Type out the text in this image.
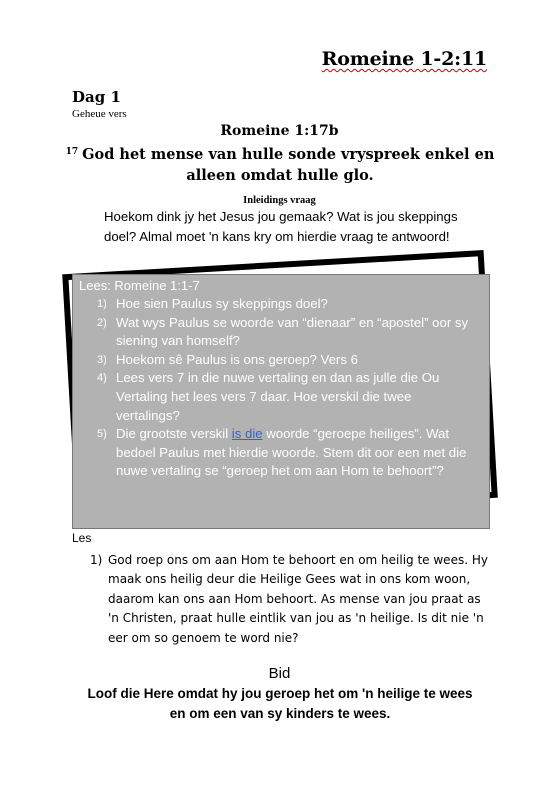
Romeine 1-2:11
Dag 1
Geheue vers
Romeine 1:17b
$^{17}$ God het mense van hulle sonde vryspreek enkel en alleen omdat hulle glo.
Inleidings vraag
Hoekom dink jy het Jesus jou gemaak? Wat is jou skeppings doel? Almal moet 'n kans kry om hierdie vraag te antwoord!
Lees: Romeine 1:1-7
1) Hoe sien Paulus sy skeppings doel?
2) Wat wys Paulus se woorde van “dienaar” en “apostel” oor sy siening van homself?
3) Hoekom sê Paulus is ons geroep? Vers 6
4) Lees vers 7 in die nuwe vertaling en dan as julle die Ou Vertaling het lees vers 7 daar. Hoe verskil die twee vertalings?
5) Die grootste verskil is die woorde “geroepe heiliges”. Wat bedoel Paulus met hierdie woorde. Stem dit oor een met die nuwe vertaling se “geroep het om aan Hom te behoort”?
Les
1) God roep ons om aan Hom te behoort en om heilig te wees. Hy maak ons heilig deur die Heilige Gees wat in ons kom woon, daarom kan ons aan Hom behoort. As mense van jou praat as 'n Christen, praat hulle eintlik van jou as 'n heilige. Is dit nie 'n eer om so genoem te word nie?
Bid
Loof die Here omdat hy jou geroep het om 'n heilige te wees en om een van sy kinders te wees.
